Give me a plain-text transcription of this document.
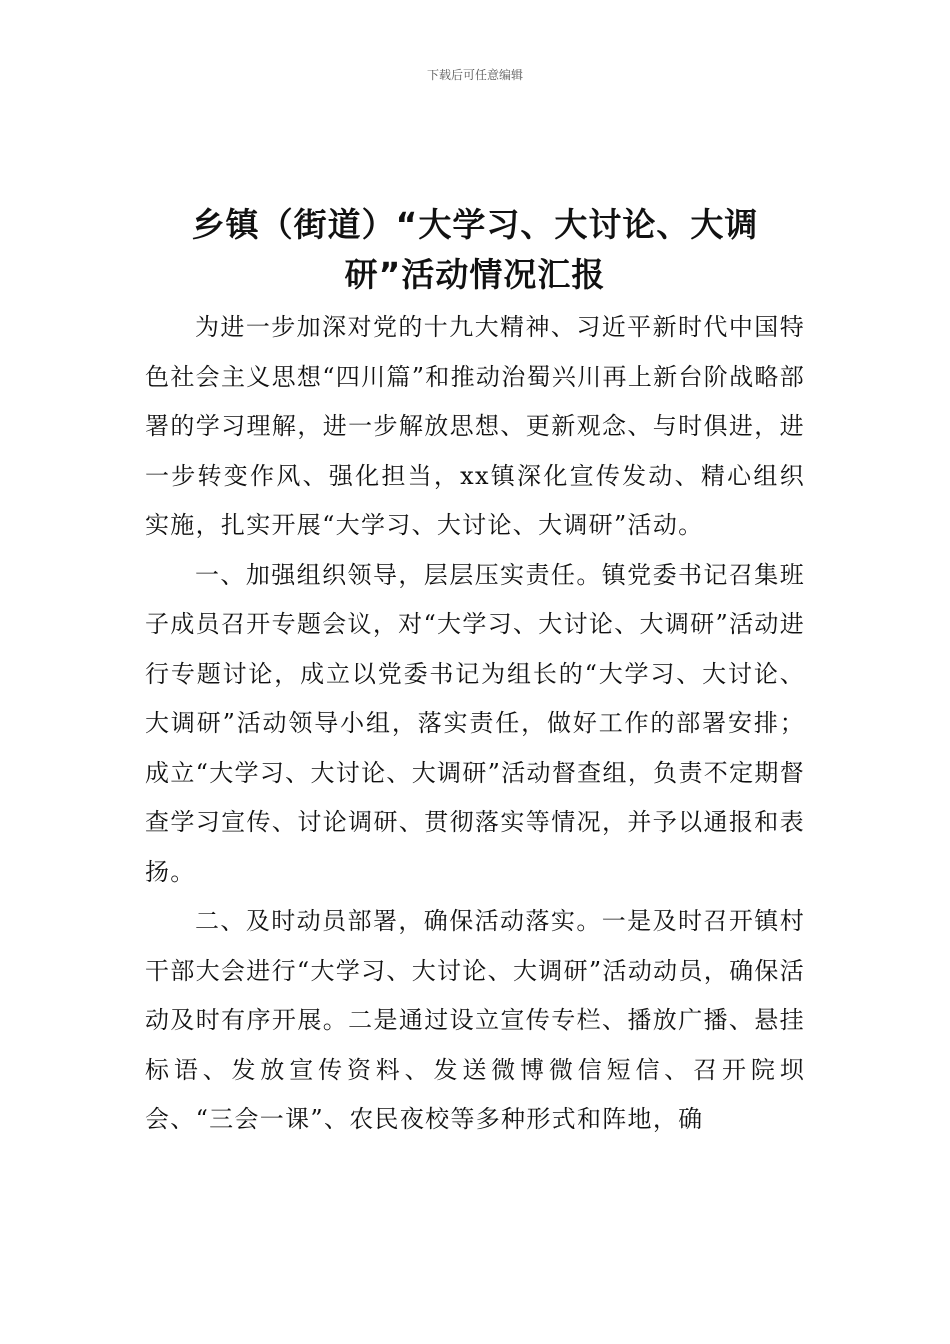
下载后可任意编辑
乡镇（街道）“大学习、大讨论、大调
研”活动情况汇报

为进一步加深对党的十九大精神、习近平新时代中国特色社会主义思想“四川篇”和推动治蜀兴川再上新台阶战略部署的学习理解，进一步解放思想、更新观念、与时俱进，进一步转变作风、强化担当，xx镇深化宣传发动、精心组织实施，扎实开展“大学习、大讨论、大调研”活动。

一、加强组织领导，层层压实责任。镇党委书记召集班子成员召开专题会议，对“大学习、大讨论、大调研”活动进行专题讨论，成立以党委书记为组长的“大学习、大讨论、大调研”活动领导小组，落实责任，做好工作的部署安排；成立“大学习、大讨论、大调研”活动督查组，负责不定期督查学习宣传、讨论调研、贯彻落实等情况，并予以通报和表扬。

二、及时动员部署，确保活动落实。一是及时召开镇村干部大会进行“大学习、大讨论、大调研”活动动员，确保活动及时有序开展。二是通过设立宣传专栏、播放广播、悬挂标语、发放宣传资料、发送微博微信短信、召开院坝会、“三会一课”、农民夜校等多种形式和阵地，确
